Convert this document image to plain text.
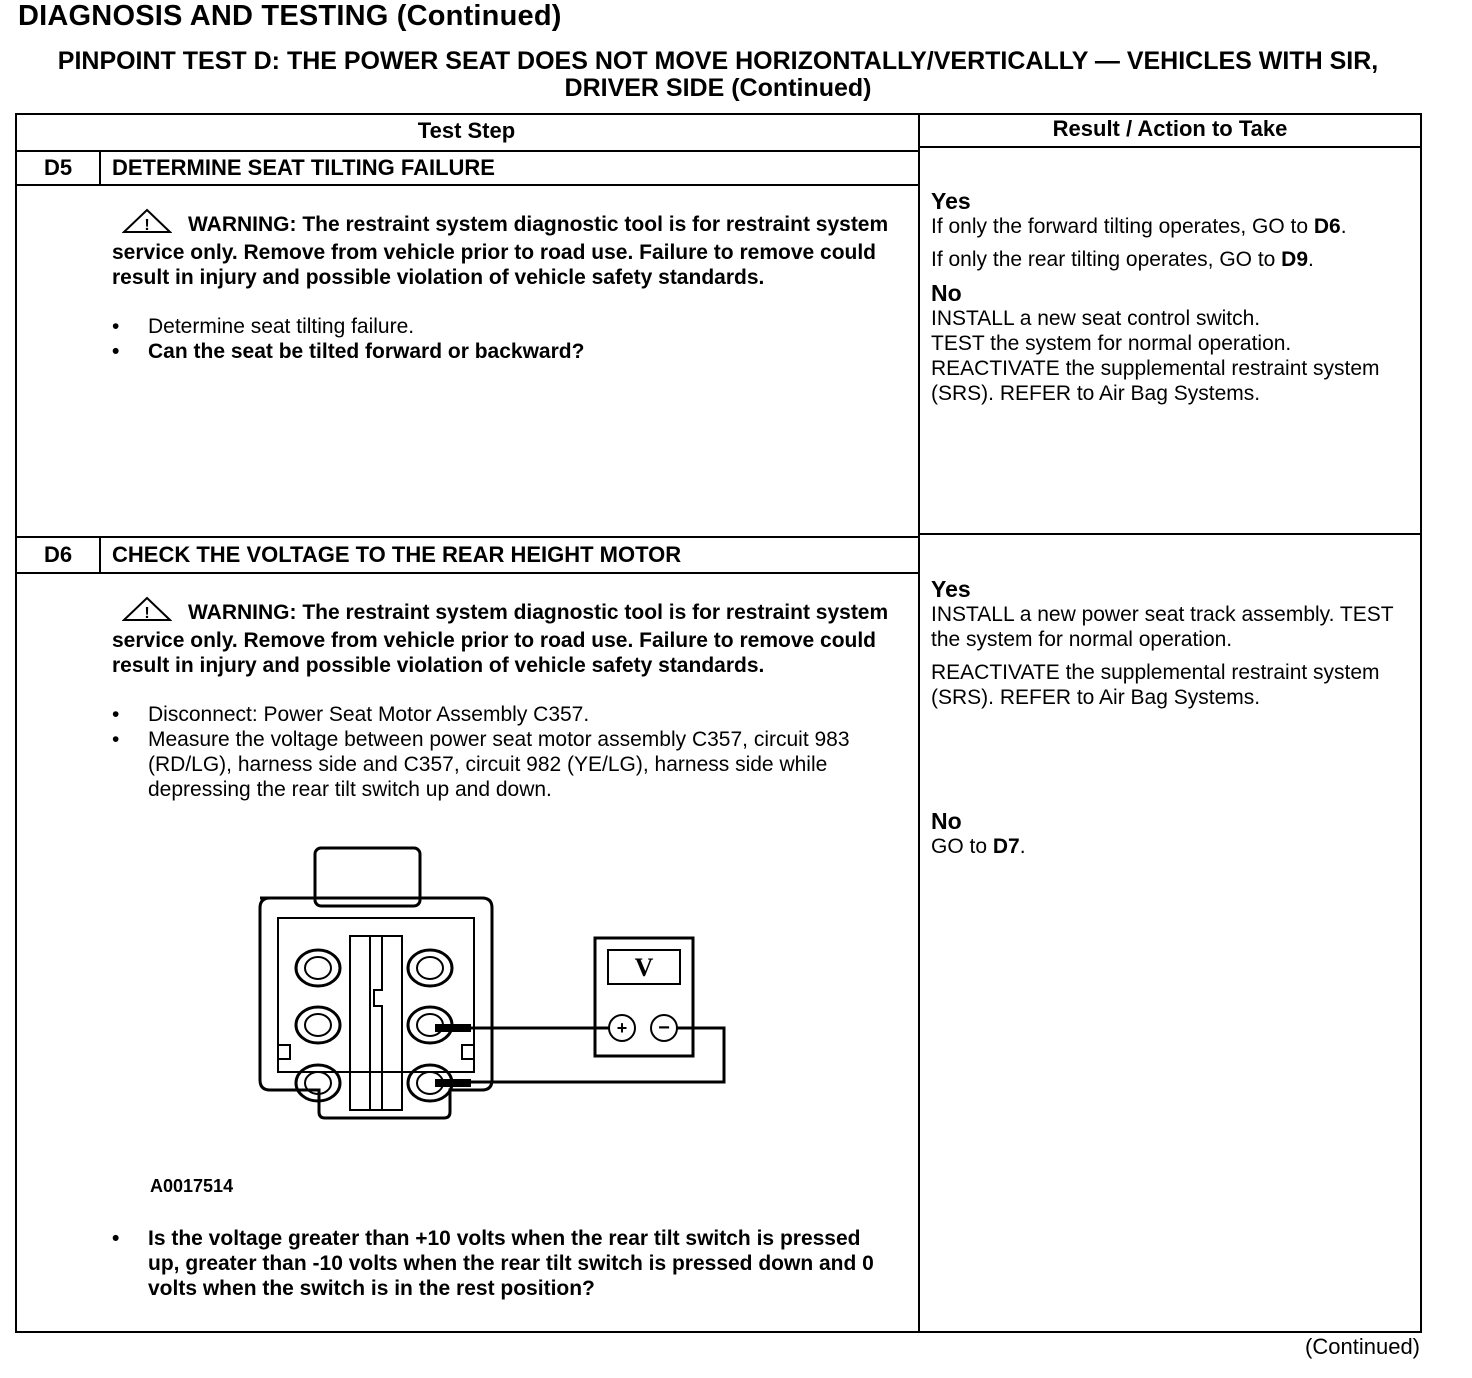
DIAGNOSIS AND TESTING (Continued)
PINPOINT TEST D: THE POWER SEAT DOES NOT MOVE HORIZONTALLY/VERTICALLY — VEHICLES WITH SIR, DRIVER SIDE (Continued)
Test Step	Result / Action to Take
D5	DETERMINE SEAT TILTING FAILURE
! WARNING: The restraint system diagnostic tool is for restraint system service only. Remove from vehicle prior to road use. Failure to remove could result in injury and possible violation of vehicle safety standards.
• Determine seat tilting failure.
• Can the seat be tilted forward or backward?
Yes

If only the forward tilting operates, GO to D6.

If only the rear tilting operates, GO to D9.

No
INSTALL a new seat control switch.
TEST the system for normal operation.
REACTIVATE the supplemental restraint system (SRS). REFER to Air Bag Systems.
D6	CHECK THE VOLTAGE TO THE REAR HEIGHT MOTOR
! WARNING: The restraint system diagnostic tool is for restraint system service only. Remove from vehicle prior to road use. Failure to remove could result in injury and possible violation of vehicle safety standards.
• Disconnect: Power Seat Motor Assembly C357.
• Measure the voltage between power seat motor assembly C357, circuit 983 (RD/LG), harness side and C357, circuit 982 (YE/LG), harness side while depressing the rear tilt switch up and down.
V
+ −
A0017514
• Is the voltage greater than +10 volts when the rear tilt switch is pressed up, greater than -10 volts when the rear tilt switch is pressed down and 0 volts when the switch is in the rest position?
Yes

INSTALL a new power seat track assembly. TEST the system for normal operation.

REACTIVATE the supplemental restraint system (SRS). REFER to Air Bag Systems.

No
GO to D7.
(Continued)
